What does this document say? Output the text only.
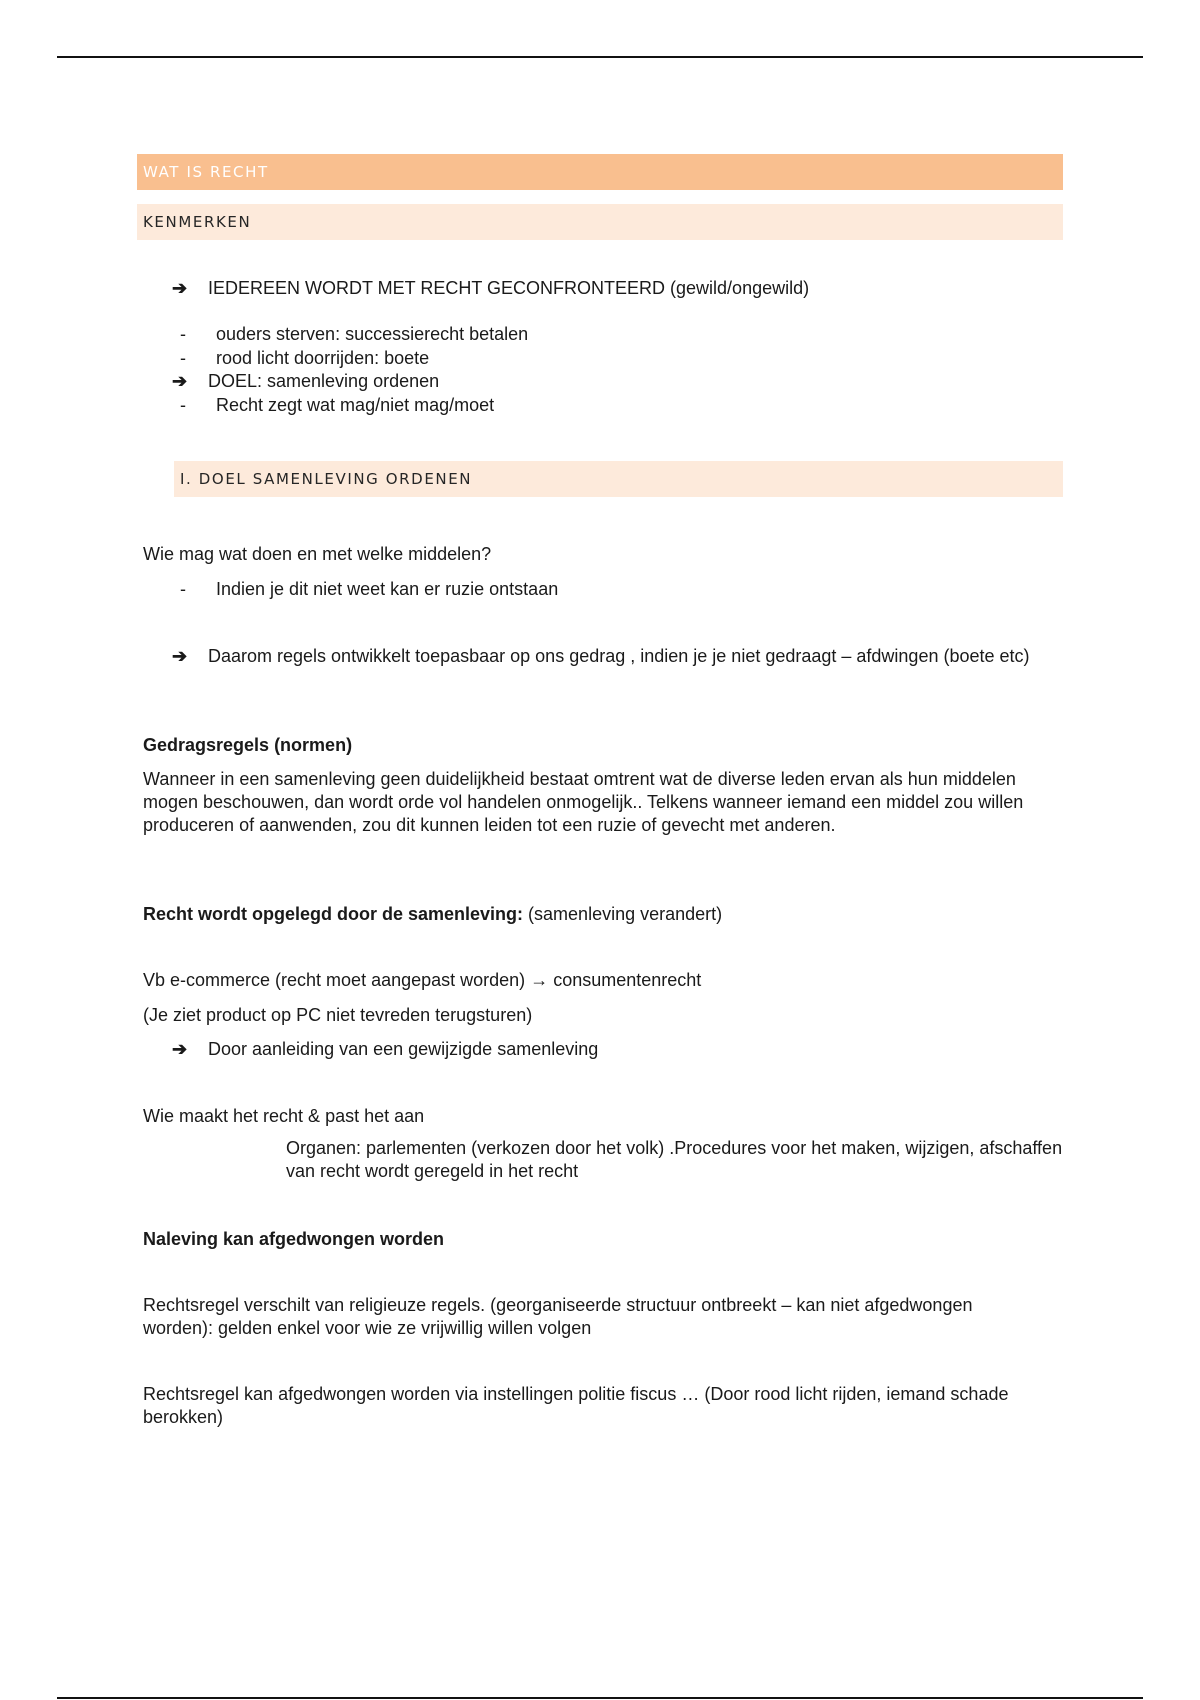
WAT IS RECHT
KENMERKEN
➔ IEDEREEN WORDT MET RECHT GECONFRONTEERD (gewild/ongewild)
- ouders sterven: successierecht betalen
- rood licht doorrijden: boete
➔ DOEL: samenleving ordenen
- Recht zegt wat mag/niet mag/moet
I. DOEL SAMENLEVING ORDENEN
Wie mag wat doen en met welke middelen?
- Indien je dit niet weet kan er ruzie ontstaan
➔ Daarom regels ontwikkelt toepasbaar op ons gedrag , indien je je niet gedraagt – afdwingen (boete etc)
Gedragsregels (normen)
Wanneer in een samenleving geen duidelijkheid bestaat omtrent wat de diverse leden ervan als hun middelen mogen beschouwen, dan wordt orde vol handelen onmogelijk.. Telkens wanneer iemand een middel zou willen produceren of aanwenden, zou dit kunnen leiden tot een ruzie of gevecht met anderen.
Recht wordt opgelegd door de samenleving: (samenleving verandert)
Vb e-commerce (recht moet aangepast worden) → consumentenrecht
(Je ziet product op PC niet tevreden terugsturen)
➔ Door aanleiding van een gewijzigde samenleving
Wie maakt het recht & past het aan
Organen: parlementen (verkozen door het volk) .Procedures voor het maken, wijzigen, afschaffen van recht wordt geregeld in het recht
Naleving kan afgedwongen worden
Rechtsregel verschilt van religieuze regels. (georganiseerde structuur ontbreekt – kan niet afgedwongen worden): gelden enkel voor wie ze vrijwillig willen volgen
Rechtsregel kan afgedwongen worden via instellingen politie fiscus … (Door rood licht rijden, iemand schade berokken)
